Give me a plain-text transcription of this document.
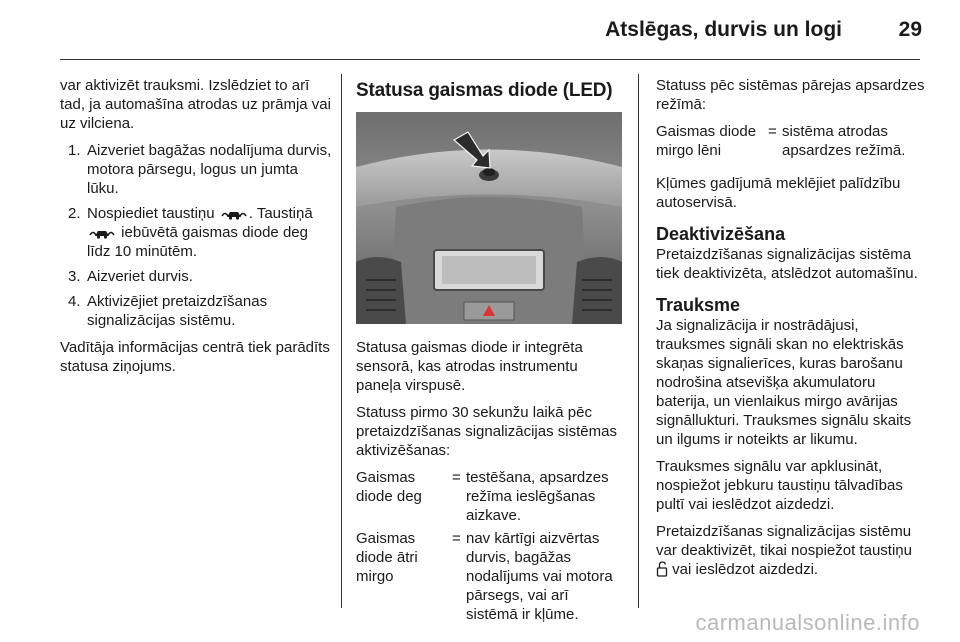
Atslēgas, durvis un logi	29

var aktivizēt trauksmi. Izslēdziet to arī tad, ja automašīna atrodas uz prāmja vai uz vilciena.

1. Aizveriet bagāžas nodalījuma durvis, motora pārsegu, logus un jumta lūku.
2. Nospiediet taustiņu . Taustiņā  iebūvētā gaismas diode deg līdz 10 minūtēm.
3. Aizveriet durvis.
4. Aktivizējiet pretaizdzīšanas signalizācijas sistēmu.

Vadītāja informācijas centrā tiek parādīts statusa ziņojums.

Statusa gaismas diode (LED)

Statusa gaismas diode ir integrēta sensorā, kas atrodas instrumentu paneļa virspusē.

Statuss pirmo 30 sekunžu laikā pēc pretaizdzīšanas signalizācijas sistēmas aktivizēšanas:

Gaismas diode deg	=	testēšana, apsardzes režīma ieslēgšanas aizkave.
Gaismas diode ātri mirgo	=	nav kārtīgi aizvērtas durvis, bagāžas nodalījums vai motora pārsegs, vai arī sistēmā ir kļūme.

Statuss pēc sistēmas pārejas apsardzes režīmā:

Gaismas diode mirgo lēni	=	sistēma atrodas apsardzes režīmā.

Kļūmes gadījumā meklējiet palīdzību autoservisā.

Deaktivizēšana

Pretaizdzīšanas signalizācijas sistēma tiek deaktivizēta, atslēdzot automašīnu.

Trauksme

Ja signalizācija ir nostrādājusi, trauksmes signāli skan no elektriskās skaņas signalierīces, kuras barošanu nodrošina atsevišķa akumulatoru baterija, un vienlaikus mirgo avārijas signāllukturi. Trauksmes signālu skaits un ilgums ir noteikts ar likumu.

Trauksmes signālu var apklusināt, nospiežot jebkuru taustiņu tālvadības pultī vai ieslēdzot aizdedzi.

Pretaizdzīšanas signalizācijas sistēmu var deaktivizēt, tikai nospiežot taustiņu  vai ieslēdzot aizdedzi.

carmanualsonline.info
